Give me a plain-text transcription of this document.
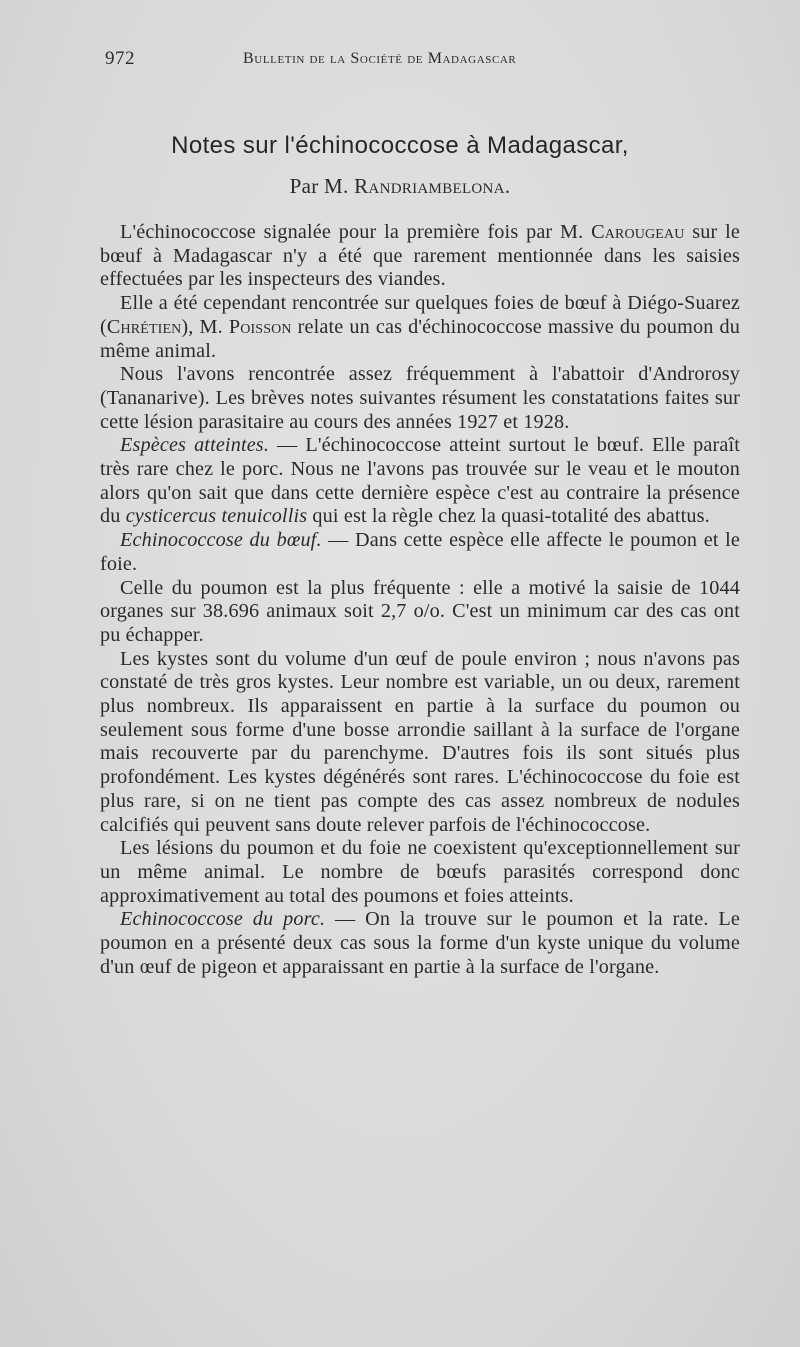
972	Bulletin de la Société de Madagascar
Notes sur l'échinococcose à Madagascar,
Par M. Randriambelona.

L'échinococcose signalée pour la première fois par M. Carougeau sur le bœuf à Madagascar n'y a été que rarement mentionnée dans les saisies effectuées par les inspecteurs des viandes.

Elle a été cependant rencontrée sur quelques foies de bœuf à Diégo-Suarez (Chrétien), M. Poisson relate un cas d'échinococcose massive du poumon du même animal.

Nous l'avons rencontrée assez fréquemment à l'abattoir d'Androrosy (Tananarive). Les brèves notes suivantes résument les constatations faites sur cette lésion parasitaire au cours des années 1927 et 1928.

Espèces atteintes. — L'échinococcose atteint surtout le bœuf. Elle paraît très rare chez le porc. Nous ne l'avons pas trouvée sur le veau et le mouton alors qu'on sait que dans cette dernière espèce c'est au contraire la présence du cysticercus tenuicollis qui est la règle chez la quasi-totalité des abattus.

Echinococcose du bœuf. — Dans cette espèce elle affecte le poumon et le foie.

Celle du poumon est la plus fréquente : elle a motivé la saisie de 1044 organes sur 38.696 animaux soit 2,7 o/o. C'est un minimum car des cas ont pu échapper.

Les kystes sont du volume d'un œuf de poule environ ; nous n'avons pas constaté de très gros kystes. Leur nombre est variable, un ou deux, rarement plus nombreux. Ils apparaissent en partie à la surface du poumon ou seulement sous forme d'une bosse arrondie saillant à la surface de l'organe mais recouverte par du parenchyme. D'autres fois ils sont situés plus profondément. Les kystes dégénérés sont rares. L'échinococcose du foie est plus rare, si on ne tient pas compte des cas assez nombreux de nodules calcifiés qui peuvent sans doute relever parfois de l'échinococcose.

Les lésions du poumon et du foie ne coexistent qu'exceptionnellement sur un même animal. Le nombre de bœufs parasités correspond donc approximativement au total des poumons et foies atteints.

Echinococcose du porc. — On la trouve sur le poumon et la rate. Le poumon en a présenté deux cas sous la forme d'un kyste unique du volume d'un œuf de pigeon et apparaissant en partie à la surface de l'organe.
